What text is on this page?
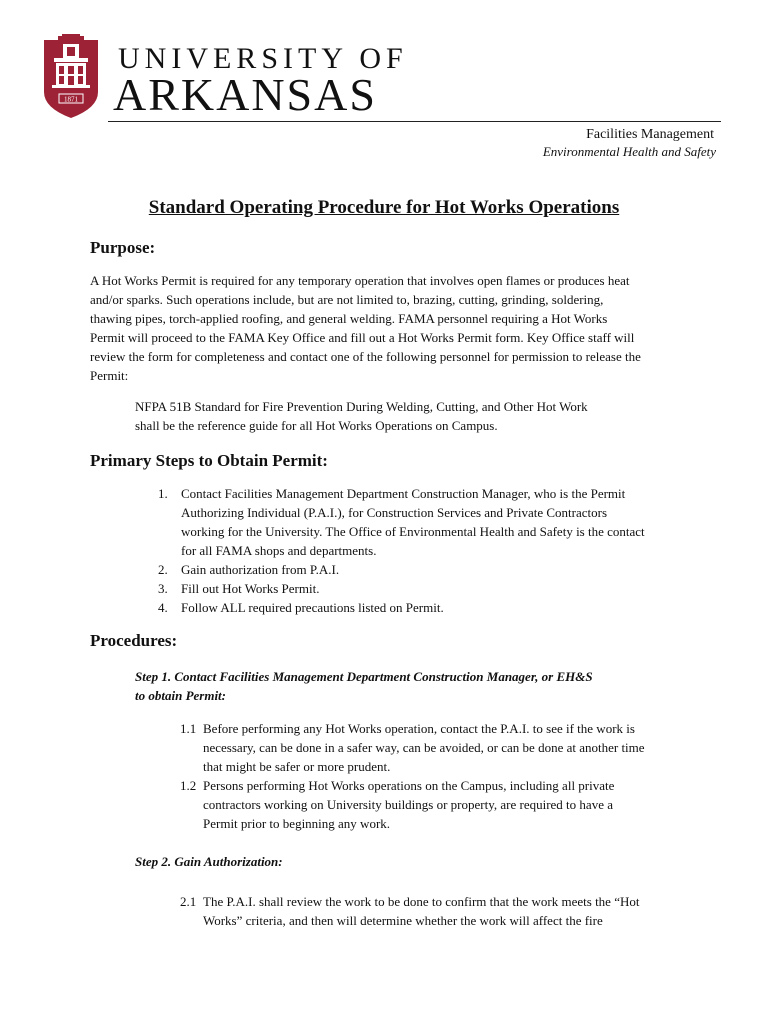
1871
UNIVERSITY OF
ARKANSAS
Facilities Management
Environmental Health and Safety
Standard Operating Procedure for Hot Works Operations
Purpose:

A Hot Works Permit is required for any temporary operation that involves open flames or produces heat
and/or sparks. Such operations include, but are not limited to, brazing, cutting, grinding, soldering,
thawing pipes, torch-applied roofing, and general welding. FAMA personnel requiring a Hot Works
Permit will proceed to the FAMA Key Office and fill out a Hot Works Permit form. Key Office staff will
review the form for completeness and contact one of the following personnel for permission to release the
Permit:

NFPA 51B Standard for Fire Prevention During Welding, Cutting, and Other Hot Work
shall be the reference guide for all Hot Works Operations on Campus.

Primary Steps to Obtain Permit:
1. Contact Facilities Management Department Construction Manager, who is the Permit
Authorizing Individual (P.A.I.), for Construction Services and Private Contractors
working for the University. The Office of Environmental Health and Safety is the contact
for all FAMA shops and departments.
2. Gain authorization from P.A.I.
3. Fill out Hot Works Permit.
4. Follow ALL required precautions listed on Permit.
Procedures:
Step 1. Contact Facilities Management Department Construction Manager, or EH&S
to obtain Permit:
1.1 Before performing any Hot Works operation, contact the P.A.I. to see if the work is
necessary, can be done in a safer way, can be avoided, or can be done at another time
that might be safer or more prudent.
1.2 Persons performing Hot Works operations on the Campus, including all private
contractors working on University buildings or property, are required to have a
Permit prior to beginning any work.
Step 2. Gain Authorization:
2.1 The P.A.I. shall review the work to be done to confirm that the work meets the “Hot
Works” criteria, and then will determine whether the work will affect the fire
